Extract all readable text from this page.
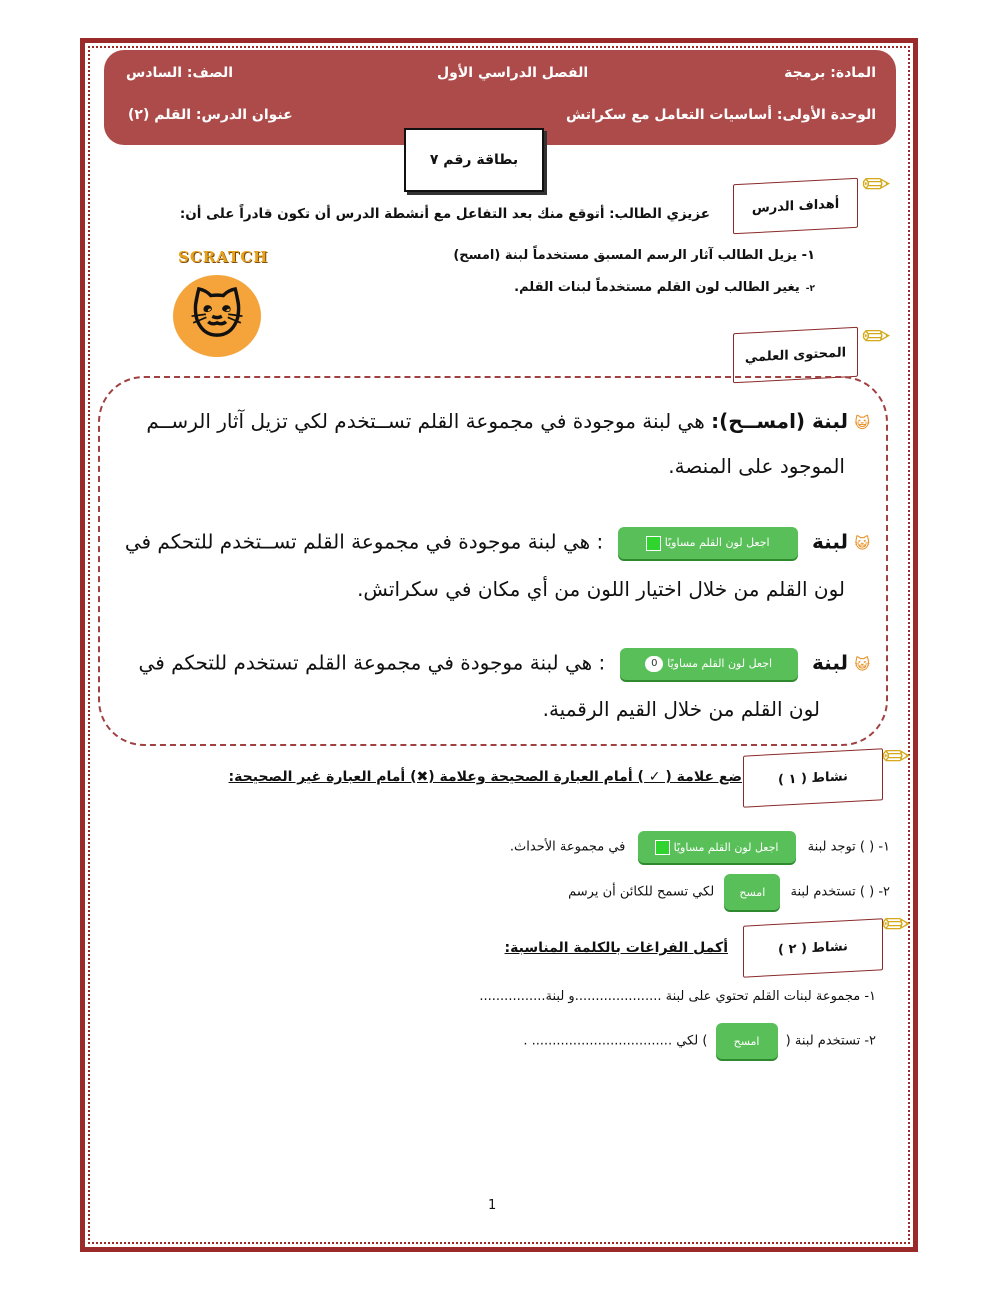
المادة: برمجة
الفصل الدراسي الأول
الصف: السادس
الوحدة الأولى: أساسيات التعامل مع سكراتش
عنوان الدرس: القلم (٢)
بطاقة رقم ٧
أهداف الدرس
✏
عزيزي الطالب: أتوقع منك بعد التفاعل مع أنشطة الدرس أن تكون قادراً على أن:
١- يزيل الطالب آثار الرسم المسبق مستخدماً لبنة (امسح)
٢-يغير الطالب لون القلم مستخدماً لبنات القلم.
SCRATCH
🐱
المحتوى العلمي ✏
😺 لبنة (امســح): هي لبنة موجودة في مجموعة القلم تســتخدم لكي تزيل آثار الرســم
الموجود على المنصة.
😺 لبنة
اجعل لون القلم مساويًا
: هي لبنة موجودة في مجموعة القلم تســتخدم للتحكم في
لون القلم من خلال اختيار اللون من أي مكان في سكراتش.
😺 لبنة
اجعل لون القلم مساويًا
0
: هي لبنة موجودة في مجموعة القلم تستخدم للتحكم في
لون القلم من خلال القيم الرقمية.
نشاط ( ١ )
✏
ضع علامة ( ✓ ) أمام العبارة الصحيحة وعلامة (✖) أمام العبارة غير الصحيحة:
١- ( ) توجد لبنة
اجعل لون القلم مساويًا
في مجموعة الأحداث.
٢- ( ) تستخدم لبنة امسح لكي تسمح للكائن أن يرسم
نشاط ( ٢ )
✏
أكمل الفراغات بالكلمة المناسبة:
١- مجموعة لبنات القلم تحتوي على لبنة .....................و لبنة................
٢- تستخدم لبنة ( امسح ) لكي .................................. .
1
